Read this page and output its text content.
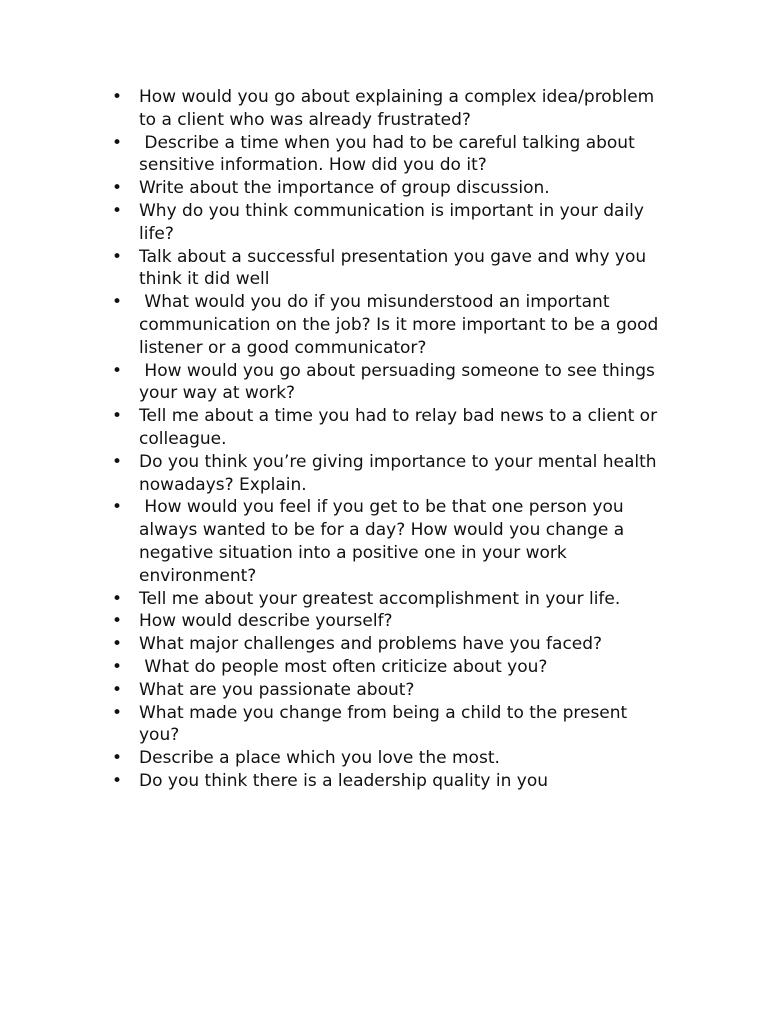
• How would you go about explaining a complex idea/problem to a client who was already frustrated?
• Describe a time when you had to be careful talking about sensitive information. How did you do it?
• Write about the importance of group discussion.
• Why do you think communication is important in your daily life?
• Talk about a successful presentation you gave and why you think it did well
• What would you do if you misunderstood an important communication on the job? Is it more important to be a good listener or a good communicator?
• How would you go about persuading someone to see things your way at work?
• Tell me about a time you had to relay bad news to a client or colleague.
• Do you think you’re giving importance to your mental health nowadays? Explain.
• How would you feel if you get to be that one person you always wanted to be for a day? How would you change a negative situation into a positive one in your work environment?
• Tell me about your greatest accomplishment in your life.
• How would describe yourself?
• What major challenges and problems have you faced?
• What do people most often criticize about you?
• What are you passionate about?
• What made you change from being a child to the present you?
• Describe a place which you love the most.
• Do you think there is a leadership quality in you
